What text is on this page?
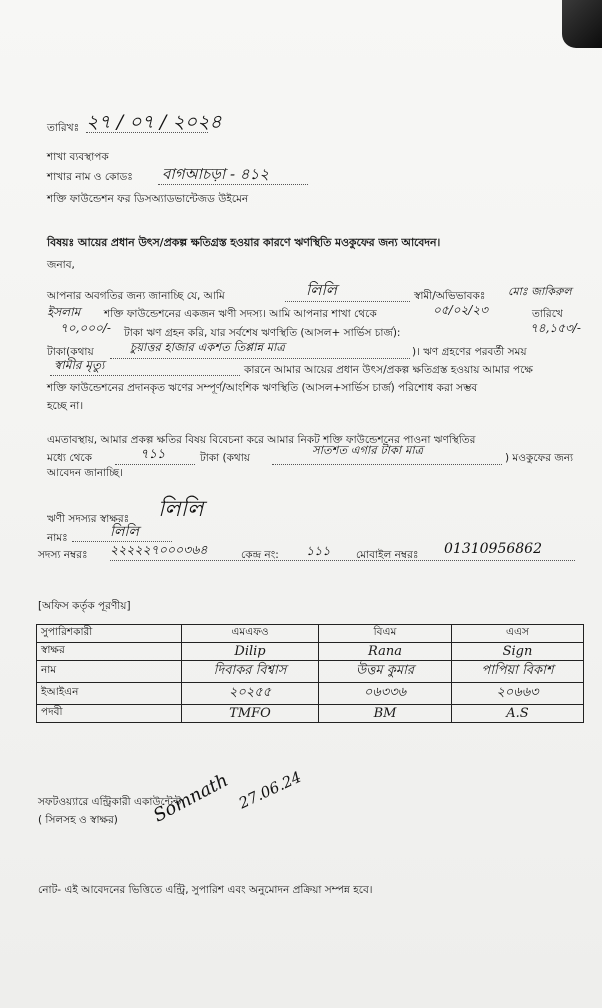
তারিখঃ ২৭ / ০৭ / ২০২৪
শাখা ব্যবস্থাপক
শাখার নাম ও কোডঃ বাগআচড়া - ৪১২
শক্তি ফাউন্ডেশন ফর ডিসঅ্যাডভান্টেজড উইমেন
বিষয়ঃ আয়ের প্রধান উৎস/প্রকল্প ক্ষতিগ্রস্ত হওয়ার কারণে ঋণস্থিতি মওকুফের জন্য আবেদন।
জনাব,
আপনার অবগতির জন্য জানাচ্ছি যে, আমি	লিলি	স্বামী/অভিভাবকঃ মোঃ জাকিরুল
ইসলাম শক্তি ফাউন্ডেশনের একজন ঋণী সদস্য। আমি আপনার শাখা থেকে	০৫/০২/২৩	তারিখে
৭০,০০০/- টাকা ঋণ গ্রহন করি, যার সর্বশেষ ঋণস্থিতি (আসল+ সার্ভিস চার্জ):	৭৪,১৫৩/-
টাকা(কথায়	চুয়াত্তর হাজার একশত তিপ্পান্ন মাত্র	)। ঋণ গ্রহণের পরবর্তী সময়
স্বামীর মৃত্যু	কারনে আমার আয়ের প্রধান উৎস/প্রকল্প ক্ষতিগ্রস্ত হওয়ায় আমার পক্ষে
শক্তি ফাউন্ডেশনের প্রদানকৃত ঋণের সম্পূর্ণ/আংশিক ঋণস্থিতি (আসল+সার্ভিস চার্জ) পরিশোধ করা সম্ভব
হচ্ছে না।
এমতাবস্থায়, আমার প্রকল্প ক্ষতির বিষয় বিবেচনা করে আমার নিকট শক্তি ফাউন্ডেশনের পাওনা ঋণস্থিতির
মধ্যে থেকে	৭১১	টাকা (কথায়
সাতশত এগার টাকা মাত্র
) মওকুফের জন্য
আবেদন জানাচ্ছি।
ঋণী সদস্যর স্বাক্ষরঃ লিলি
নামঃ	লিলি
সদস্য নম্বরঃ ২২২২২৭০০০৩৬৪	কেন্দ্র নং: ১১১ মোবাইল নম্বরঃ 01310956862
[অফিস কর্তৃক পূরণীয়]
সুপারিশকারী	এমএফও	বিএম	এএস
স্বাক্ষর	Dilip	Rana	Sign
নাম	দিবাকর বিশ্বাস	উত্তম কুমার	পাপিয়া বিকাশ
ইআইএন	২০২৫৫	০৬৩৩৬	২০৬৬৩
পদবী	TMFO	BM	A.S
সফটওয়্যারে এন্ট্রিকারী একাউন্টেন্ট
( সিলসহ ও স্বাক্ষর) Somnath 27.06.24
নোট- এই আবেদনের ভিত্তিতে এন্ট্রি, সুপারিশ এবং অনুমোদন প্রক্রিয়া সম্পন্ন হবে।
